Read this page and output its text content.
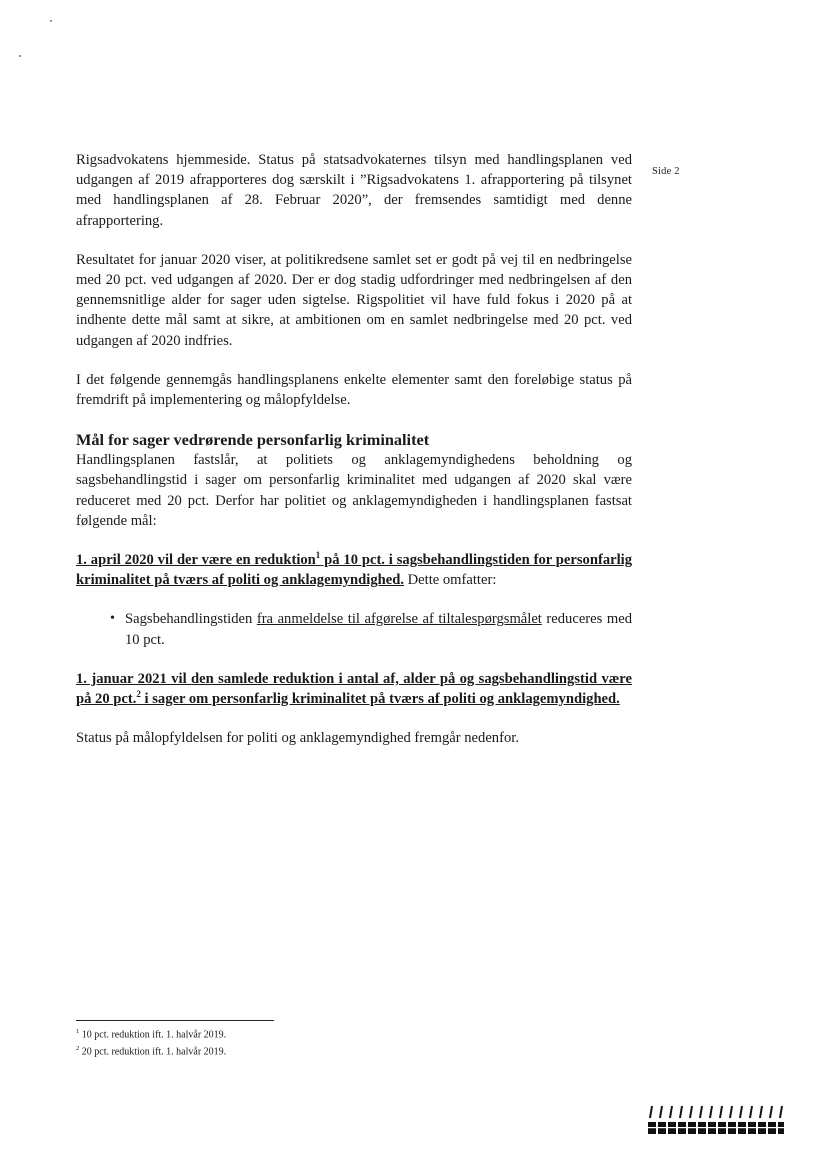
Side 2

Rigsadvokatens hjemmeside. Status på statsadvokaternes tilsyn med handlingsplanen ved udgangen af 2019 afrapporteres dog særskilt i ”Rigsadvokatens 1. afrapportering på tilsynet med handlingsplanen af 28. Februar 2020”, der fremsendes samtidigt med denne afrapportering.

Resultatet for januar 2020 viser, at politikredsene samlet set er godt på vej til en nedbringelse med 20 pct. ved udgangen af 2020. Der er dog stadig udfordringer med nedbringelsen af den gennemsnitlige alder for sager uden sigtelse. Rigspolitiet vil have fuld fokus i 2020 på at indhente dette mål samt at sikre, at ambitionen om en samlet nedbringelse med 20 pct. ved udgangen af 2020 indfries.

I det følgende gennemgås handlingsplanens enkelte elementer samt den foreløbige status på fremdrift på implementering og målopfyldelse.

Mål for sager vedrørende personfarlig kriminalitet

Handlingsplanen fastslår, at politiets og anklagemyndighedens beholdning og sagsbehandlingstid i sager om personfarlig kriminalitet med udgangen af 2020 skal være reduceret med 20 pct. Derfor har politiet og anklagemyndigheden i handlingsplanen fastsat følgende mål:

1. april 2020 vil der være en reduktion$^1$ på 10 pct. i sagsbehandlingstiden for personfarlig kriminalitet på tværs af politi og anklagemyndighed. Dette omfatter:

• Sagsbehandlingstiden fra anmeldelse til afgørelse af tiltalespørgsmålet reduceres med 10 pct.

1. januar 2021 vil den samlede reduktion i antal af, alder på og sagsbehandlingstid være på 20 pct.$^2$ i sager om personfarlig kriminalitet på tværs af politi og anklagemyndighed.

Status på målopfyldelsen for politi og anklagemyndighed fremgår nedenfor.

$^1$ 10 pct. reduktion ift. 1. halvår 2019.
$^2$ 20 pct. reduktion ift. 1. halvår 2019.
